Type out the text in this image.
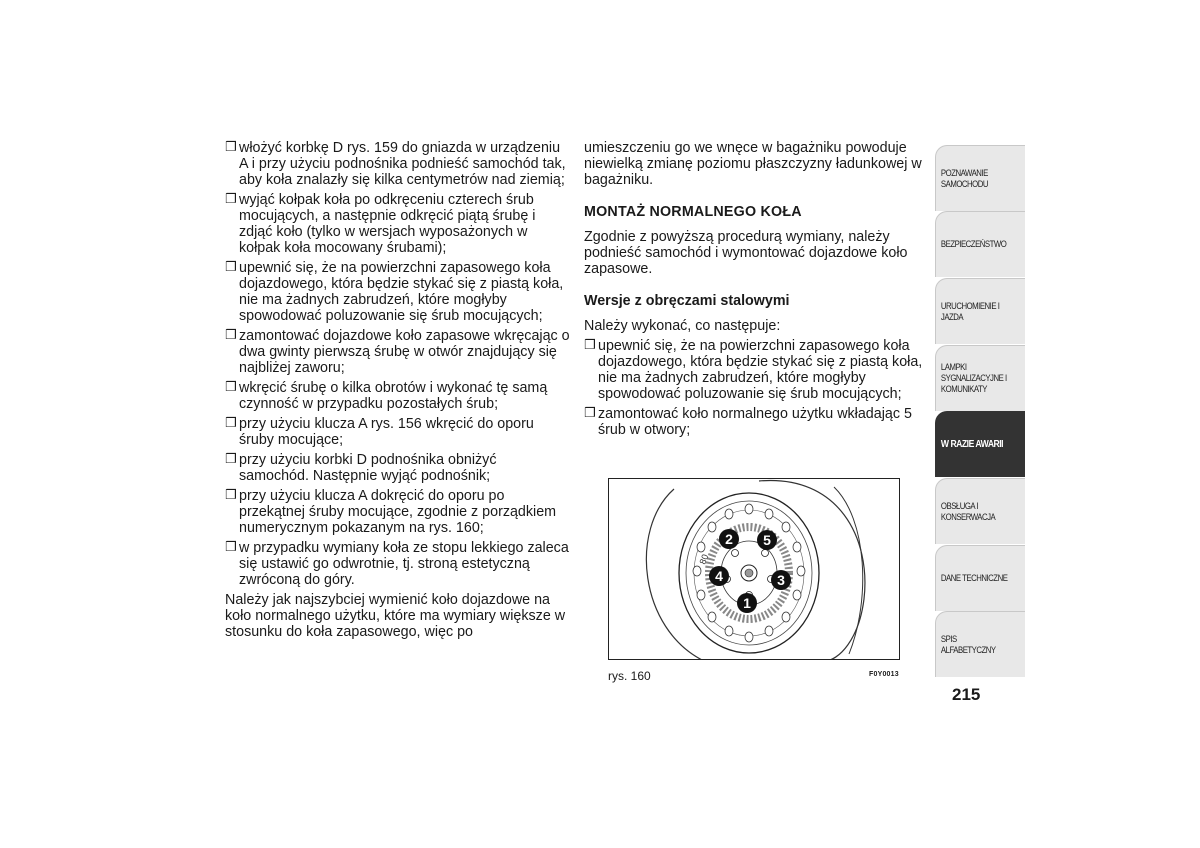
❒ włożyć korbkę D rys. 159 do gniazda w urządzeniu A i przy użyciu podnośnika podnieść samochód tak, aby koła znalazły się kilka centymetrów nad ziemią;
❒ wyjąć kołpak koła po odkręceniu czterech śrub mocujących, a następnie odkręcić piątą śrubę i zdjąć koło (tylko w wersjach wyposażonych w kołpak koła mocowany śrubami);
❒ upewnić się, że na powierzchni zapasowego koła dojazdowego, która będzie stykać się z piastą koła, nie ma żadnych zabrudzeń, które mogłyby spowodować poluzowanie się śrub mocujących;
❒ zamontować dojazdowe koło zapasowe wkręcając o dwa gwinty pierwszą śrubę w otwór znajdujący się najbliżej zaworu;
❒ wkręcić śrubę o kilka obrotów i wykonać tę samą czynność w przypadku pozostałych śrub;
❒ przy użyciu klucza A rys. 156 wkręcić do oporu śruby mocujące;
❒ przy użyciu korbki D podnośnika obniżyć samochód. Następnie wyjąć podnośnik;
❒ przy użyciu klucza A dokręcić do oporu po przekątnej śruby mocujące, zgodnie z porządkiem numerycznym pokazanym na rys. 160;
❒ w przypadku wymiany koła ze stopu lekkiego zaleca się ustawić go odwrotnie, tj. stroną estetyczną zwróconą do góry.

Należy jak najszybciej wymienić koło dojazdowe na koło normalnego użytku, które ma wymiary większe w stosunku do koła zapasowego, więc po

umieszczeniu go we wnęce w bagażniku powoduje niewielką zmianę poziomu płaszczyzny ładunkowej w bagażniku.

MONTAŻ NORMALNEGO KOŁA

Zgodnie z powyższą procedurą wymiany, należy podnieść samochód i wymontować dojazdowe koło zapasowe.

Wersje z obręczami stalowymi

Należy wykonać, co następuje:

❒ upewnić się, że na powierzchni zapasowego koła dojazdowego, która będzie stykać się z piastą koła, nie ma żadnych zabrudzeń, które mogłyby spowodować poluzowanie się śrub mocujących;
❒ zamontować koło normalnego użytku wkładając 5 śrub w otwory;
80
1
2
3
4
5
rys. 160	F0Y0013
POZNAWANIE SAMOCHODU
BEZPIECZEŃSTWO
URUCHOMIENIE I JAZDA
LAMPKI SYGNALIZACYJNE I KOMUNIKATY
W RAZIE AWARII
OBSŁUGA I KONSERWACJA
DANE TECHNICZNE
SPIS ALFABETYCZNY
215
